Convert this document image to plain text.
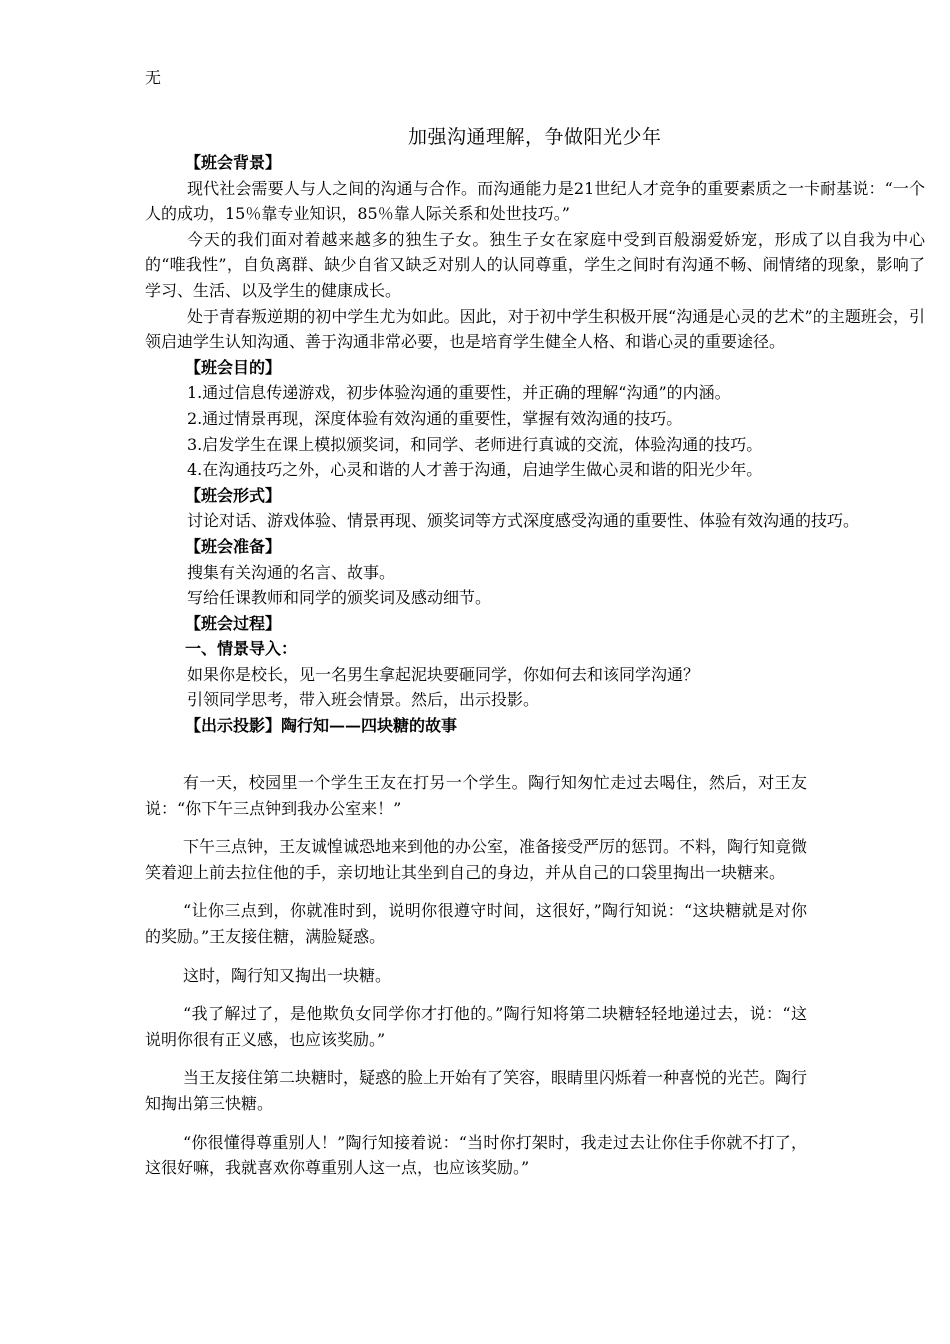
无
加强沟通理解，争做阳光少年

【班会背景】

现代社会需要人与人之间的沟通与合作。而沟通能力是21世纪人才竞争的重要素质之一卡耐基说：“一个人的成功，15％靠专业知识，85％靠人际关系和处世技巧。”

今天的我们面对着越来越多的独生子女。独生子女在家庭中受到百般溺爱娇宠，形成了以自我为中心的“唯我性”，自负离群、缺少自省又缺乏对别人的认同尊重，学生之间时有沟通不畅、闹情绪的现象，影响了学习、生活、以及学生的健康成长。

处于青春叛逆期的初中学生尤为如此。因此，对于初中学生积极开展“沟通是心灵的艺术”的主题班会，引领启迪学生认知沟通、善于沟通非常必要，也是培育学生健全人格、和谐心灵的重要途径。

【班会目的】

1.通过信息传递游戏，初步体验沟通的重要性，并正确的理解“沟通”的内涵。

2.通过情景再现，深度体验有效沟通的重要性，掌握有效沟通的技巧。

3.启发学生在课上模拟颁奖词，和同学、老师进行真诚的交流，体验沟通的技巧。

4.在沟通技巧之外，心灵和谐的人才善于沟通，启迪学生做心灵和谐的阳光少年。

【班会形式】

讨论对话、游戏体验、情景再现、颁奖词等方式深度感受沟通的重要性、体验有效沟通的技巧。

【班会准备】

搜集有关沟通的名言、故事。

写给任课教师和同学的颁奖词及感动细节。

【班会过程】

一、情景导入：

如果你是校长，见一名男生拿起泥块要砸同学，你如何去和该同学沟通？

引领同学思考，带入班会情景。然后，出示投影。

【出示投影】陶行知——四块糖的故事

有一天，校园里一个学生王友在打另一个学生。陶行知匆忙走过去喝住，然后，对王友说：“你下午三点钟到我办公室来！”

下午三点钟，王友诚惶诚恐地来到他的办公室，准备接受严厉的惩罚。不料，陶行知竟微笑着迎上前去拉住他的手，亲切地让其坐到自己的身边，并从自己的口袋里掏出一块糖来。

“让你三点到，你就准时到，说明你很遵守时间，这很好，”陶行知说：“这块糖就是对你的奖励。”王友接住糖，满脸疑惑。

这时，陶行知又掏出一块糖。

“我了解过了，是他欺负女同学你才打他的。”陶行知将第二块糖轻轻地递过去，说：“这说明你很有正义感，也应该奖励。”

当王友接住第二块糖时，疑惑的脸上开始有了笑容，眼睛里闪烁着一种喜悦的光芒。陶行知掏出第三快糖。

“你很懂得尊重别人！”陶行知接着说：“当时你打架时，我走过去让你住手你就不打了，这很好嘛，我就喜欢你尊重别人这一点，也应该奖励。”
